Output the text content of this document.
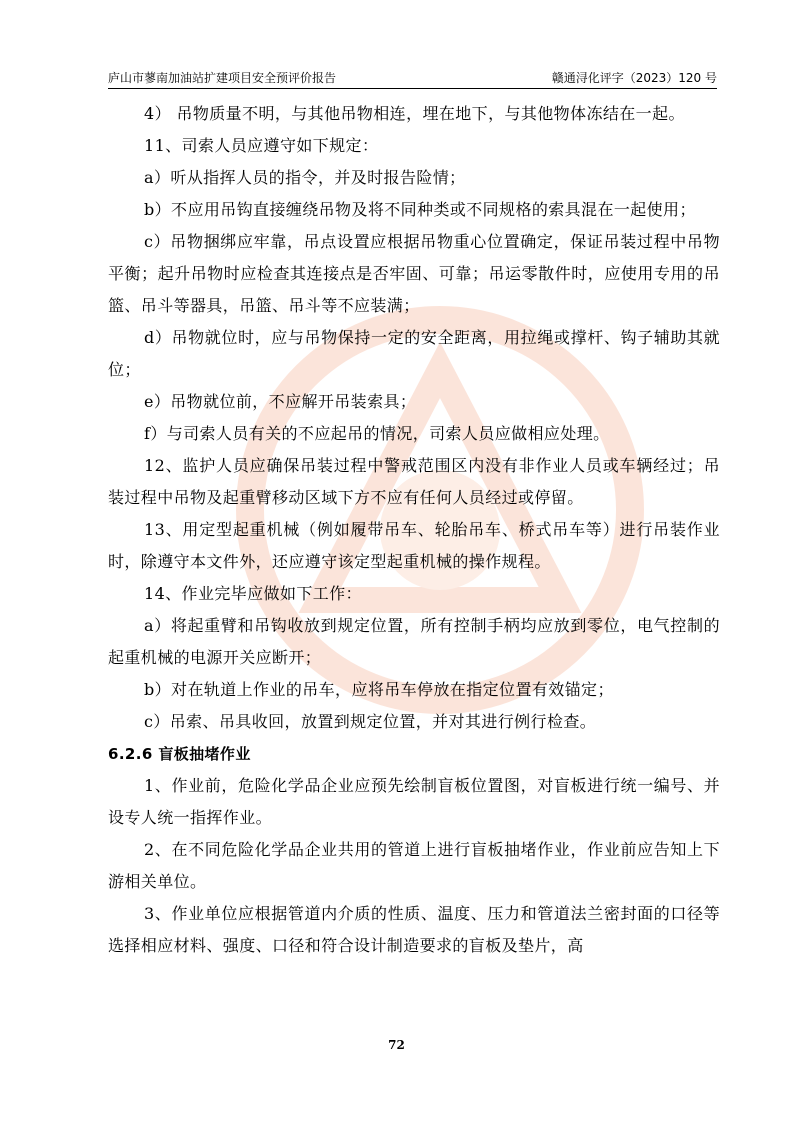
庐山市蓼南加油站扩建项目安全预评价报告	赣通浔化评字（2023）120 号
4） 吊物质量不明，与其他吊物相连，埋在地下，与其他物体冻结在一起。
11、司索人员应遵守如下规定：
a）听从指挥人员的指令，并及时报告险情；
b）不应用吊钩直接缠绕吊物及将不同种类或不同规格的索具混在一起使用；
c）吊物捆绑应牢靠，吊点设置应根据吊物重心位置确定，保证吊装过程中吊物平衡；起升吊物时应检查其连接点是否牢固、可靠；吊运零散件时，应使用专用的吊篮、吊斗等器具，吊篮、吊斗等不应装满；
d）吊物就位时，应与吊物保持一定的安全距离，用拉绳或撑杆、钩子辅助其就位；
e）吊物就位前，不应解开吊装索具；
f）与司索人员有关的不应起吊的情况，司索人员应做相应处理。
12、监护人员应确保吊装过程中警戒范围区内没有非作业人员或车辆经过；吊装过程中吊物及起重臂移动区域下方不应有任何人员经过或停留。
13、用定型起重机械（例如履带吊车、轮胎吊车、桥式吊车等）进行吊装作业时，除遵守本文件外，还应遵守该定型起重机械的操作规程。
14、作业完毕应做如下工作：
a）将起重臂和吊钩收放到规定位置，所有控制手柄均应放到零位，电气控制的起重机械的电源开关应断开；
b）对在轨道上作业的吊车，应将吊车停放在指定位置有效锚定；
c）吊索、吊具收回，放置到规定位置，并对其进行例行检查。
6.2.6 盲板抽堵作业
1、作业前，危险化学品企业应预先绘制盲板位置图，对盲板进行统一编号、并设专人统一指挥作业。
2、在不同危险化学品企业共用的管道上进行盲板抽堵作业，作业前应告知上下游相关单位。
3、作业单位应根据管道内介质的性质、温度、压力和管道法兰密封面的口径等选择相应材料、强度、口径和符合设计制造要求的盲板及垫片，高
72
